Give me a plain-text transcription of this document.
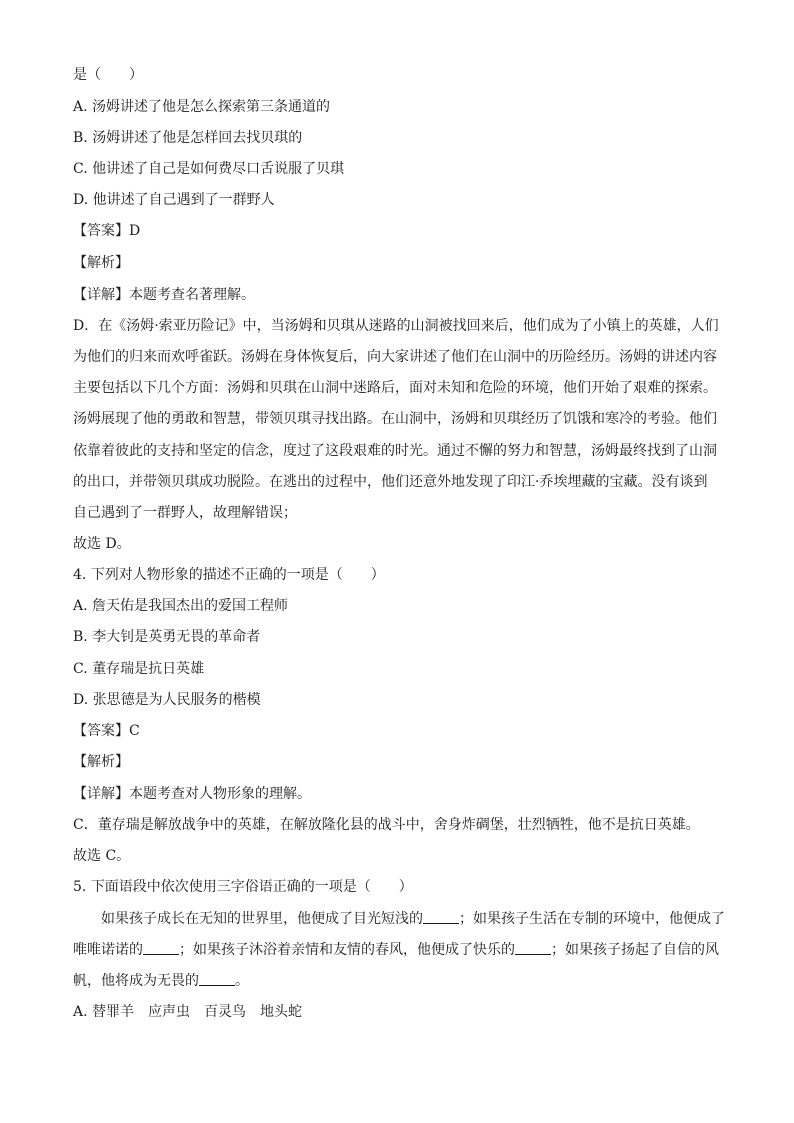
是（　　）
A. 汤姆讲述了他是怎么探索第三条通道的
B. 汤姆讲述了他是怎样回去找贝琪的
C. 他讲述了自己是如何费尽口舌说服了贝琪
D. 他讲述了自己遇到了一群野人
【答案】D
【解析】
【详解】本题考查名著理解。
D．在《汤姆·索亚历险记》中，当汤姆和贝琪从迷路的山洞被找回来后，他们成为了小镇上的英雄，人们
为他们的归来而欢呼雀跃。汤姆在身体恢复后，向大家讲述了他们在山洞中的历险经历。汤姆的讲述内容
主要包括以下几个方面：汤姆和贝琪在山洞中迷路后，面对未知和危险的环境，他们开始了艰难的探索。
汤姆展现了他的勇敢和智慧，带领贝琪寻找出路。在山洞中，汤姆和贝琪经历了饥饿和寒冷的考验。他们
依靠着彼此的支持和坚定的信念，度过了这段艰难的时光。通过不懈的努力和智慧，汤姆最终找到了山洞
的出口，并带领贝琪成功脱险。在逃出的过程中，他们还意外地发现了印江·乔埃埋藏的宝藏。没有谈到
自己遇到了一群野人，故理解错误；
故选 D。
4. 下列对人物形象的描述不正确的一项是（　　）
A. 詹天佑是我国杰出的爱国工程师
B. 李大钊是英勇无畏的革命者
C. 董存瑞是抗日英雄
D. 张思德是为人民服务的楷模
【答案】C
【解析】
【详解】本题考查对人物形象的理解。
C．董存瑞是解放战争中的英雄，在解放隆化县的战斗中，舍身炸碉堡，壮烈牺牲，他不是抗日英雄。
故选 C。
5. 下面语段中依次使用三字俗语正确的一项是（　　）
如果孩子成长在无知的世界里，他便成了目光短浅的	；如果孩子生活在专制的环境中，他便成了
唯唯诺诺的	；如果孩子沐浴着亲情和友情的春风，他便成了快乐的	；如果孩子扬起了自信的风
帆，他将成为无畏的	。
A. 替罪羊　应声虫　百灵鸟　地头蛇
